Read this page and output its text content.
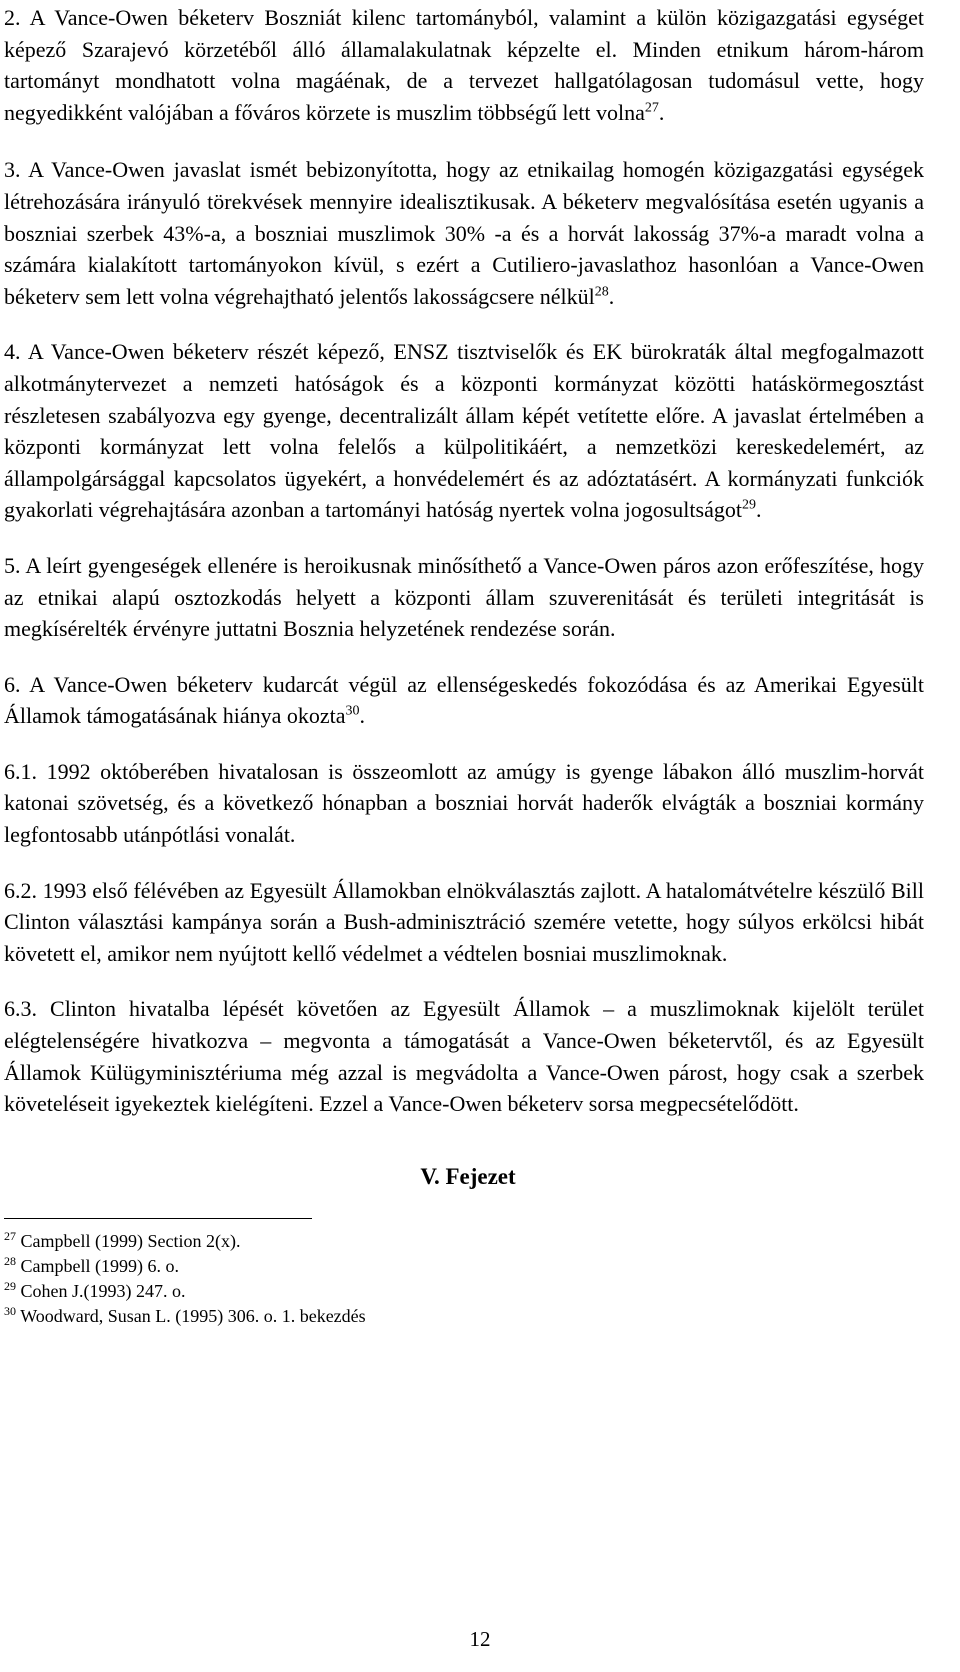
2. A Vance-Owen béketerv Boszniát kilenc tartományból, valamint a külön közigazgatási egységet képező Szarajevó körzetéből álló államalakulatnak képzelte el. Minden etnikum három-három tartományt mondhatott volna magáénak, de a tervezet hallgatólagosan tudomásul vette, hogy negyedikként valójában a főváros körzete is muszlim többségű lett volna$^{27}$.

3. A Vance-Owen javaslat ismét bebizonyította, hogy az etnikailag homogén közigazgatási egységek létrehozására irányuló törekvések mennyire idealisztikusak. A béketerv megvalósítása esetén ugyanis a boszniai szerbek 43%-a, a boszniai muszlimok 30% -a és a horvát lakosság 37%-a maradt volna a számára kialakított tartományokon kívül, s ezért a Cutiliero-javaslathoz hasonlóan a Vance-Owen béketerv sem lett volna végrehajtható jelentős lakosságcsere nélkül$^{28}$.

4. A Vance-Owen béketerv részét képező, ENSZ tisztviselők és EK bürokraták által megfogalmazott alkotmánytervezet a nemzeti hatóságok és a központi kormányzat közötti hatáskörmegosztást részletesen szabályozva egy gyenge, decentralizált állam képét vetítette előre. A javaslat értelmében a központi kormányzat lett volna felelős a külpolitikáért, a nemzetközi kereskedelemért, az állampolgársággal kapcsolatos ügyekért, a honvédelemért és az adóztatásért. A kormányzati funkciók gyakorlati végrehajtására azonban a tartományi hatóság nyertek volna jogosultságot$^{29}$.

5. A leírt gyengeségek ellenére is heroikusnak minősíthető a Vance-Owen páros azon erőfeszítése, hogy az etnikai alapú osztozkodás helyett a központi állam szuverenitását és területi integritását is megkísérelték érvényre juttatni Bosznia helyzetének rendezése során.

6. A Vance-Owen béketerv kudarcát végül az ellenségeskedés fokozódása és az Amerikai Egyesült Államok támogatásának hiánya okozta$^{30}$.

6.1. 1992 októberében hivatalosan is összeomlott az amúgy is gyenge lábakon álló muszlim-horvát katonai szövetség, és a következő hónapban a boszniai horvát haderők elvágták a boszniai kormány legfontosabb utánpótlási vonalát.

6.2. 1993 első félévében az Egyesült Államokban elnökválasztás zajlott. A hatalomátvételre készülő Bill Clinton választási kampánya során a Bush-adminisztráció szemére vetette, hogy súlyos erkölcsi hibát követett el, amikor nem nyújtott kellő védelmet a védtelen bosniai muszlimoknak.

6.3. Clinton hivatalba lépését követően az Egyesült Államok – a muszlimoknak kijelölt terület elégtelenségére hivatkozva – megvonta a támogatását a Vance-Owen béketervtől, és az Egyesült Államok Külügyminisztériuma még azzal is megvádolta a Vance-Owen párost, hogy csak a szerbek követeléseit igyekeztek kielégíteni. Ezzel a Vance-Owen béketerv sorsa megpecsételődött.

V. Fejezet

$^{27}$ Campbell (1999) Section 2(x).

$^{28}$ Campbell (1999) 6. o.

$^{29}$ Cohen J.(1993) 247. o.

$^{30}$ Woodward, Susan L. (1995) 306. o. 1. bekezdés

12
